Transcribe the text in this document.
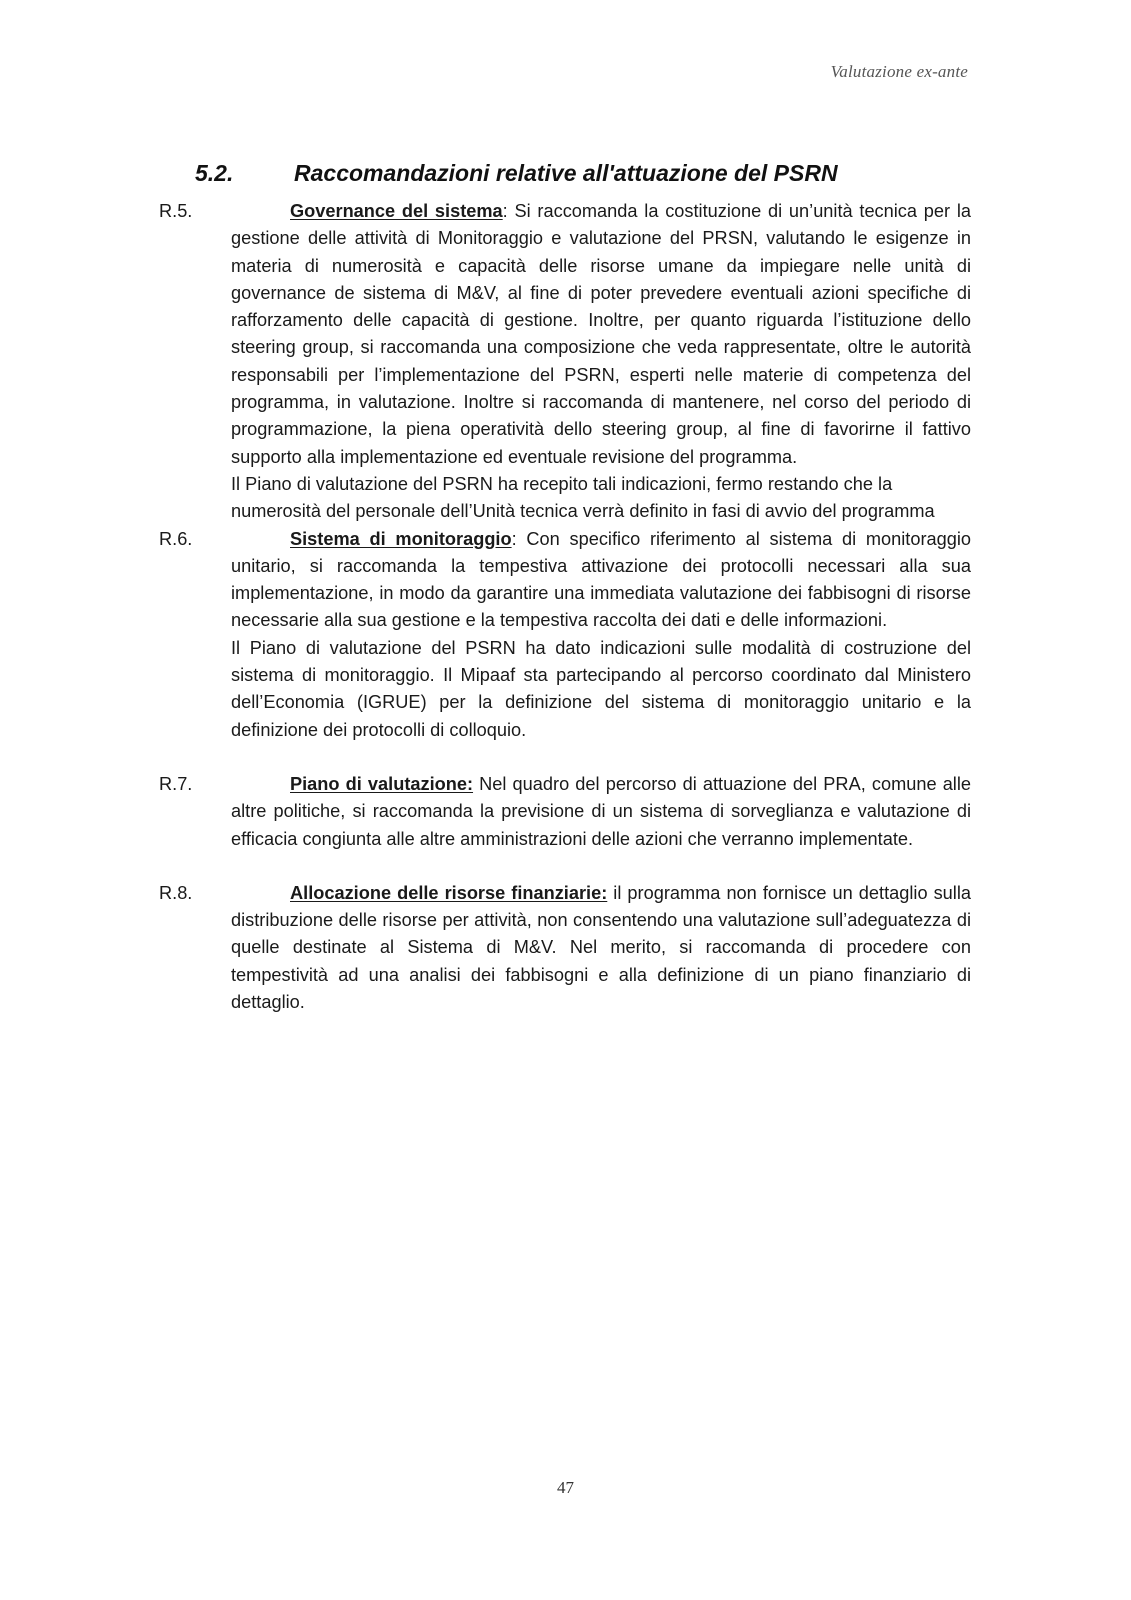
Valutazione ex-ante
5.2.	Raccomandazioni relative all'attuazione del PSRN
R.5.	Governance del sistema: Si raccomanda la costituzione di un’unità tecnica per la gestione delle attività di Monitoraggio e valutazione del PRSN, valutando le esigenze in materia di numerosità e capacità delle risorse umane da impiegare nelle unità di governance de sistema di M&V, al fine di poter prevedere eventuali azioni specifiche di rafforzamento delle capacità di gestione. Inoltre, per quanto riguarda l’istituzione dello steering group, si raccomanda una composizione che veda rappresentate, oltre le autorità responsabili per l’implementazione del PSRN, esperti nelle materie di competenza del programma, in valutazione. Inoltre si raccomanda di mantenere, nel corso del periodo di programmazione, la piena operatività dello steering group, al fine di favorirne il fattivo supporto alla implementazione ed eventuale revisione del programma.

Il Piano di valutazione del PSRN ha recepito tali indicazioni, fermo restando che la numerosità del personale dell’Unità tecnica verrà definito in fasi di avvio del programma

R.6.	Sistema di monitoraggio: Con specifico riferimento al sistema di monitoraggio unitario, si raccomanda la tempestiva attivazione dei protocolli necessari alla sua implementazione, in modo da garantire una immediata valutazione dei fabbisogni di risorse necessarie alla sua gestione e la tempestiva raccolta dei dati e delle informazioni.

Il Piano di valutazione del PSRN ha dato indicazioni sulle modalità di costruzione del sistema di monitoraggio. Il Mipaaf sta partecipando al percorso coordinato dal Ministero dell’Economia (IGRUE) per la definizione del sistema di monitoraggio unitario e la definizione dei protocolli di colloquio.

R.7.	Piano di valutazione: Nel quadro del percorso di attuazione del PRA, comune alle altre politiche, si raccomanda la previsione di un sistema di sorveglianza e valutazione di efficacia congiunta alle altre amministrazioni delle azioni che verranno implementate.

R.8.	Allocazione delle risorse finanziarie: il programma non fornisce un dettaglio sulla distribuzione delle risorse per attività, non consentendo una valutazione sull’adeguatezza di quelle destinate al Sistema di M&V. Nel merito, si raccomanda di procedere con tempestività ad una analisi dei fabbisogni e alla definizione di un piano finanziario di dettaglio.

47
